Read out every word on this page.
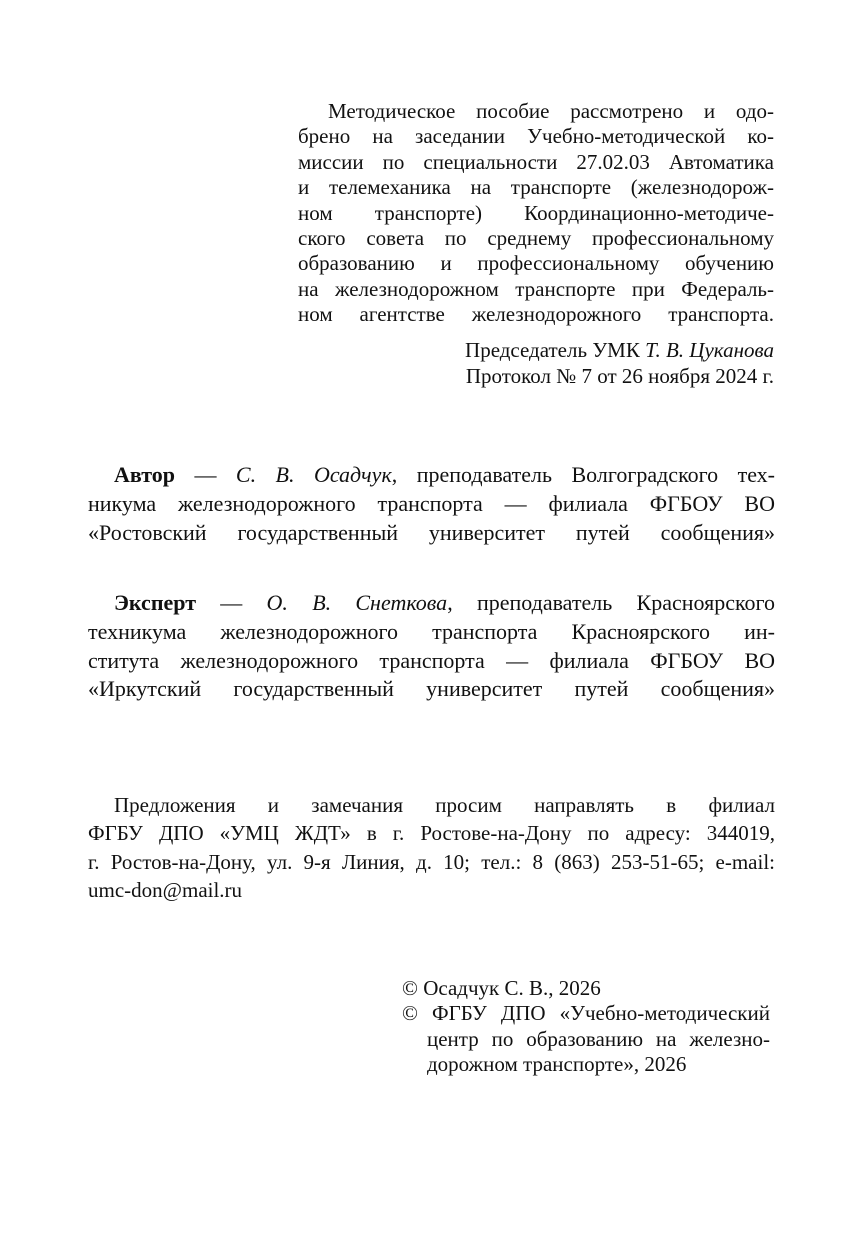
Методическое пособие рассмотрено и одо-
брено на заседании Учебно-методической ко-
миссии по специальности 27.02.03 Автоматика
и телемеханика на транспорте (железнодорож-
ном транспорте) Координационно-методиче-
ского совета по среднему профессиональному
образованию и профессиональному обучению
на железнодорожном транспорте при Федераль-
ном агентстве железнодорожного транспорта.
Председатель УМК Т. В. Цуканова
Протокол № 7 от 26 ноября 2024 г.
Автор — С. В. Осадчук, преподаватель Волгоградского тех-
никума железнодорожного транспорта — филиала ФГБОУ ВО
«Ростовский государственный университет путей сообщения»
Эксперт — О. В. Снеткова, преподаватель Красноярского
техникума железнодорожного транспорта Красноярского ин-
ститута железнодорожного транспорта — филиала ФГБОУ ВО
«Иркутский государственный университет путей сообщения»
Предложения и замечания просим направлять в филиал
ФГБУ ДПО «УМЦ ЖДТ» в г. Ростове-на-Дону по адресу: 344019,
г. Ростов-на-Дону, ул. 9-я Линия, д. 10; тел.: 8 (863) 253-51-65; e-mail:
umc-don@mail.ru
© Осадчук С. В., 2026
© ФГБУ ДПО «Учебно-методический
центр по образованию на железно-
дорожном транспорте», 2026
